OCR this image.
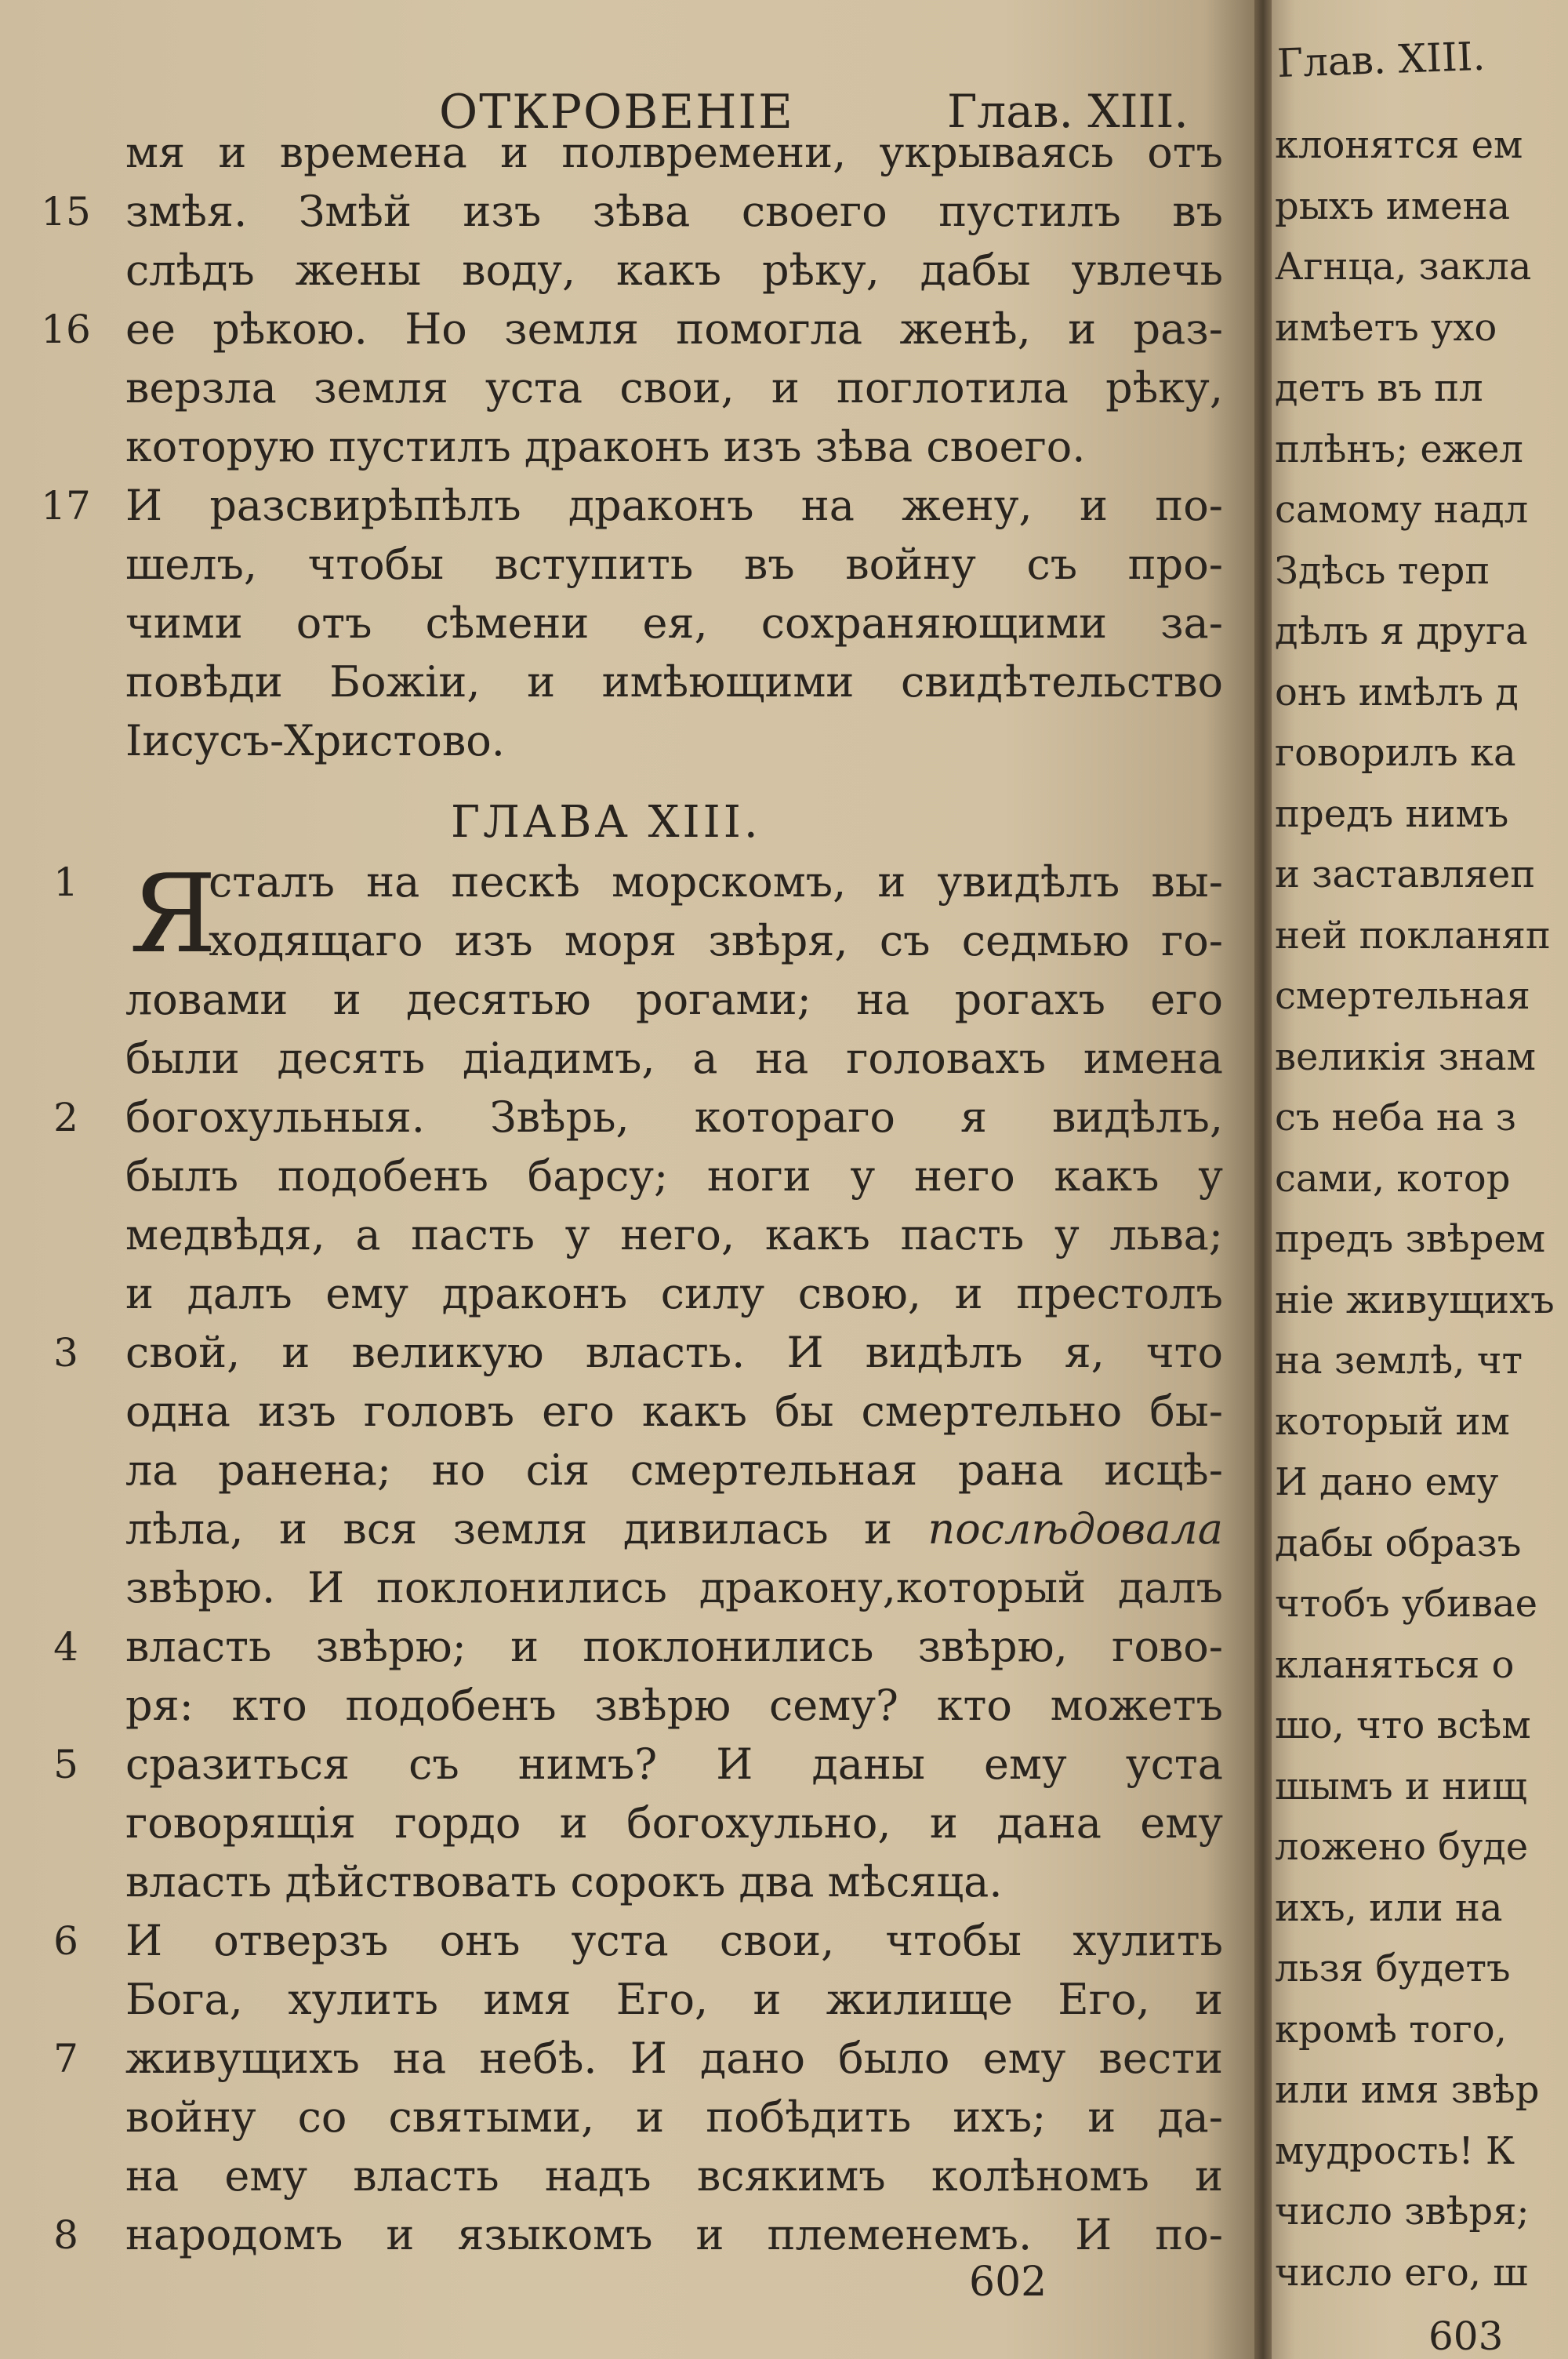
ОТКРОВЕНІЕ	Глав. XIII.
мя и времена и полвремени, укрываясь отъ
змѣя. Змѣй изъ зѣва своего пустилъ въ
15
слѣдъ жены воду, какъ рѣку, дабы увлечь
ее рѣкою. Но земля помогла женѣ, и раз-
16
верзла земля уста свои, и поглотила рѣку,
которую пустилъ драконъ изъ зѣва своего.
И разсвирѣпѣлъ драконъ на жену, и по-
17
шелъ, чтобы вступить въ войну съ про-
чими отъ сѣмени ея, сохраняющими за-
повѣди Божіи, и имѣющими свидѣтельство
Іисусъ-Христово.
ГЛАВА XIII.
Я
сталъ на пескѣ морскомъ, и увидѣлъ вы-
1
ходящаго изъ моря звѣря, съ седмью го-
ловами и десятью рогами; на рогахъ его
были десять діадимъ, а на головахъ имена
богохульныя. Звѣрь, котораго я видѣлъ,
2
былъ подобенъ барсу; ноги у него какъ у
медвѣдя, а пасть у него, какъ пасть у льва;
и далъ ему драконъ силу свою, и престолъ
свой, и великую власть. И видѣлъ я, что
3
одна изъ головъ его какъ бы смертельно бы-
ла ранена; но сія смертельная рана исцѣ-
лѣла, и вся земля дивилась и послѣдовала
звѣрю. И поклонились дракону,который далъ
власть звѣрю; и поклонились звѣрю, гово-
4
ря: кто подобенъ звѣрю сему? кто можетъ
сразиться съ нимъ? И даны ему уста
5
говорящія гордо и богохульно, и дана ему
власть дѣйствовать сорокъ два мѣсяца.
И отверзъ онъ уста свои, чтобы хулить
6
Бога, хулить имя Его, и жилище Его, и
живущихъ на небѣ. И дано было ему вести
7
войну со святыми, и побѣдить ихъ; и да-
на ему власть надъ всякимъ колѣномъ и
народомъ и языкомъ и племенемъ. И по-
8
602
Глав. XIII.
клонятся ем
рыхъ имена
Агнца, закла
имѣетъ ухо
детъ въ пл
плѣнъ; ежел
самому надл
Здѣсь терп
дѣлъ я друга
онъ имѣлъ д
говорилъ ка
предъ нимъ
и заставляеп
ней покланяп
смертельная
великія знам
съ неба на з
сами, котор
предъ звѣрем
ніе живущихъ
на землѣ, чт
который им
И дано ему
дабы образъ
чтобъ убивае
кланяться о
шо, что всѣм
шымъ и нищ
ложено буде
ихъ, или на
льзя будетъ
кромѣ того,
или имя звѣр
мудрость! К
число звѣря;
число его, ш
603
